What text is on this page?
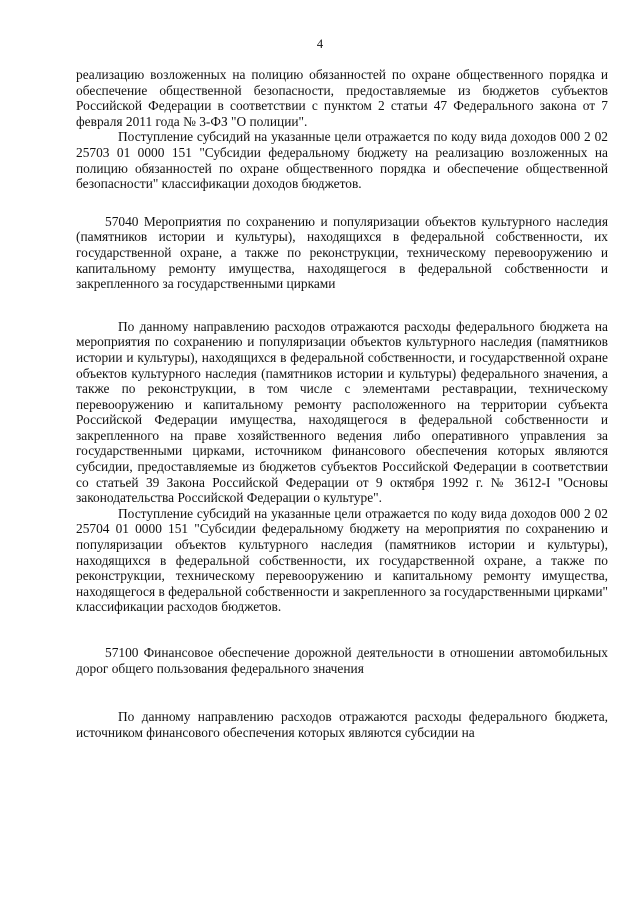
4

реализацию возложенных на полицию обязанностей по охране общественного порядка и обеспечение общественной безопасности, предоставляемые из бюджетов субъектов Российской Федерации в соответствии с пунктом 2 статьи 47 Федерального закона от 7 февраля 2011 года № 3-ФЗ "О полиции".

Поступление субсидий на указанные цели отражается по коду вида доходов 000 2 02 25703 01 0000 151 "Субсидии федеральному бюджету на реализацию возложенных на полицию обязанностей по охране общественного порядка и обеспечение общественной безопасности" классификации доходов бюджетов.

57040 Мероприятия по сохранению и популяризации объектов культурного наследия (памятников истории и культуры), находящихся в федеральной собственности, их государственной охране, а также по реконструкции, техническому перевооружению и капитальному ремонту имущества, находящегося в федеральной собственности и закрепленного за государственными цирками

По данному направлению расходов отражаются расходы федерального бюджета на мероприятия по сохранению и популяризации объектов культурного наследия (памятников истории и культуры), находящихся в федеральной собственности, и государственной охране объектов культурного наследия (памятников истории и культуры) федерального значения, а также по реконструкции, в том числе с элементами реставрации, техническому перевооружению и капитальному ремонту расположенного на территории субъекта Российской Федерации имущества, находящегося в федеральной собственности и закрепленного на праве хозяйственного ведения либо оперативного управления за государственными цирками, источником финансового обеспечения которых являются субсидии, предоставляемые из бюджетов субъектов Российской Федерации в соответствии со статьей 39 Закона Российской Федерации от 9 октября 1992 г. № 3612-I "Основы законодательства Российской Федерации о культуре".

Поступление субсидий на указанные цели отражается по коду вида доходов 000 2 02 25704 01 0000 151 "Субсидии федеральному бюджету на мероприятия по сохранению и популяризации объектов культурного наследия (памятников истории и культуры), находящихся в федеральной собственности, их государственной охране, а также по реконструкции, техническому перевооружению и капитальному ремонту имущества, находящегося в федеральной собственности и закрепленного за государственными цирками" классификации расходов бюджетов.

57100 Финансовое обеспечение дорожной деятельности в отношении автомобильных дорог общего пользования федерального значения

По данному направлению расходов отражаются расходы федерального бюджета, источником финансового обеспечения которых являются субсидии на
